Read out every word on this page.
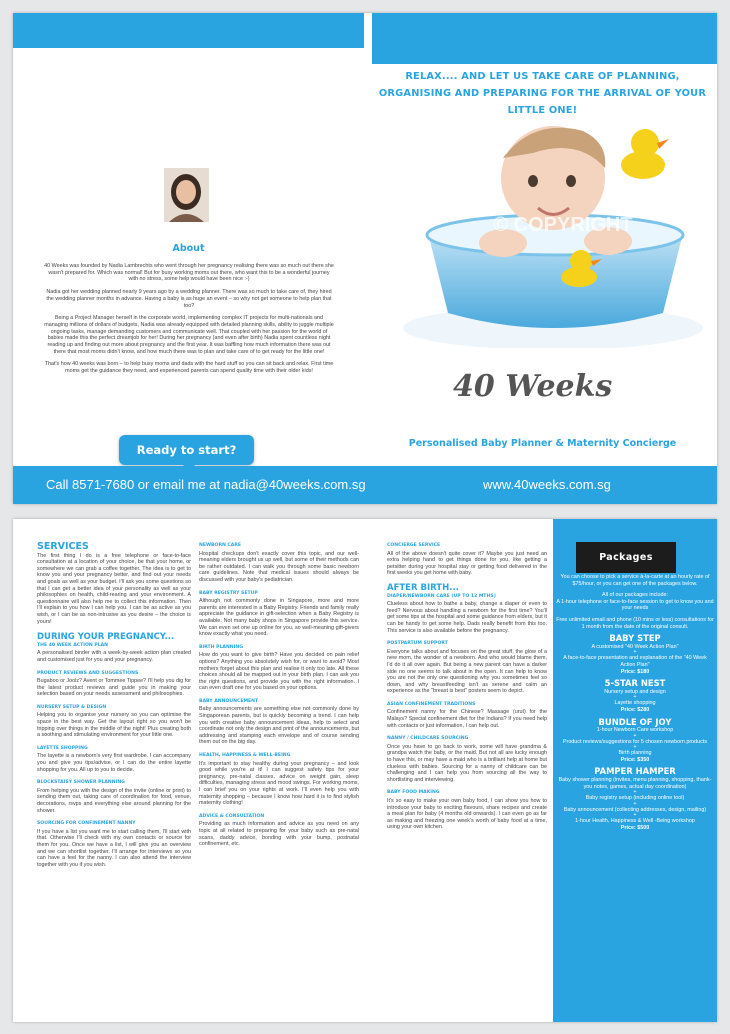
RELAX.... AND LET US TAKE CARE OF PLANNING, ORGANISING AND PREPARING FOR THE ARRIVAL OF YOUR LITTLE ONE!
© COPYRIGHT
40 Weeks
Personalised Baby Planner & Maternity Concierge
About

40 Weeks was founded by Nadia Lambrechts who went through her pregnancy realising there was so much out there she wasn't prepared for. Which was normal! But for busy working moms out there, who want this to be a wonderful journey with no stress, some help would have been nice :-)

Nadia got her wedding planned nearly 9 years ago by a wedding planner. There was so much to take care of, they hired the wedding planner months in advance. Having a baby is as huge an event – so why not get someone to help plan that too?

Being a Project Manager herself in the corporate world, implementing complex IT projects for multi-nationals and managing millions of dollars of budgets, Nadia was already equipped with detailed planning skills, ability to juggle multiple ongoing tasks, manage demanding customers and communicate well. That coupled with her passion for the world of babies made this the perfect dreamjob for her! During her pregnancy (and even after birth) Nadia spent countless night reading up and finding out more about pregnancy and the first year. It was baffling how much information there was out there that most moms didn't know, and how much there was to plan and take care of to get ready for the little one!

That's how 40 weeks was born – to help busy moms and dads with the hard stuff so you can sit back and relax. First time moms get the guidance they need, and experienced parents can spend quality time with their older kids!

Ready to start?
Call 8571-7680 or email me at nadia@40weeks.com.sg	www.40weeks.com.sg
SERVICES
The first thing I do is a free telephone or face-to-face consultation at a location of your choice, be that your home, or somewhere we can grab a coffee together. The idea is to get to know you and your pregnancy better, and find out your needs and goals as well as your budget. I'll ask you some questions so that I can get a better idea of your personality as well as your philosophies on health, child-rearing and your environment. A questionnaire will also help me to collect this information. Then I'll explain to you how I can help you. I can be as active as you wish, or I can be as non-intrusive as you desire – the choice is yours!
DURING YOUR PREGNANCY...
THE 40 WEEK ACTION PLAN
A personalised binder with a week-by-week action plan created and customised just for you and your pregnancy.
PRODUCT REVIEWS AND SUGGESTIONS
Bugaboo or Joolz? Avent or Tommee Tippee? I'll help you dig for the latest product reviews and guide you in making your selection based on your needs assessment and philosophies.
NURSERY SETUP & DESIGN
Helping you to organise your nursery so you can optimise the space in the best way. Get the layout right so you won't be tripping over things in the middle of the night! Plus creating both a soothing and stimulating environment for your little one.
LAYETTE SHOPPING
The layette is a newborn's very first wardrobe. I can accompany you and give you tips/advise, or I can do the entire layette shopping for you. All up to you to decide.
BLOCKSTAISY SHOWER PLANNING
From helping you with the design of the invite (online or print) to sending them out, taking care of coordination for food, venue, decorations, rsvps and everything else around planning for the shower.
SOURCING FOR CONFINEMENT NANNY
If you have a list you want me to start calling them, I'll start with that. Otherwise I'll check with my own contacts or source for them for you. Once we have a list, I will give you an overview and we can shortlist together. I'll arrange for interviews so you can have a feel for the nanny. I can also attend the interview together with you if you wish.
NEWBORN CARE
Hospital checkups don't exactly cover this topic, and our well-meaning elders brought us up well, but some of their methods can be rather outdated. I can walk you through some basic newborn care guidelines. Note that medical issues should always be discussed with your baby's pediatrician.
BABY REGISTRY SETUP
Although not commonly done in Singapore, more and more parents are interested in a Baby Registry. Friends and family really appreciate the guidance in gift-selection when a Baby Registry is available. Not many baby shops in Singapore provide this service. We can even set one up online for you, so well-meaning gift-givers know exactly what you need.
BIRTH PLANNING
How do you want to give birth? Have you decided on pain relief options? Anything you absolutely wish for, or want to avoid? Most mothers forget about this plan and realise it only too late. All these choices should all be mapped out in your birth plan. I can ask you the right questions, and provide you with the right information. I can even draft one for you based on your options.
BABY ANNOUNCEMENT
Baby announcements are something else not commonly done by Singaporean parents, but is quickly becoming a trend. I can help you with creative baby announcement ideas, help to select and coordinate not only the design and print of the announcements, but addressing and stamping each envelope and of course sending them out on the big day.
HEALTH, HAPPINESS & WELL-BEING
It's important to stay healthy during your pregnancy – and look good while you're at it! I can suggest safety tips for your pregnancy, pre-natal classes, advice on weight gain, sleep difficulties, managing stress and mood swings. For working moms, I can brief you on your rights at work. I'll even help you with maternity shopping – because I know how hard it is to find stylish maternity clothing!
ADVICE & CONSULTATION
Providing as much information and advice as you need on any topic at all related to preparing for your baby such as pre-natal scans, daddy advice, bonding with your bump, postnatal confinement, etc.
CONCIERGE SERVICE
All of the above doesn't quite cover it? Maybe you just need an extra helping hand to get things done for you, like getting a petsitter during your hospital stay or getting food delivered in the first weeks you get home with baby.
AFTER BIRTH...
DIAPER/NEWBORN CARE (UP TO 12 MTHS)
Clueless about how to bathe a baby, change a diaper or even to feed? Nervous about handling a newborn for the first time? You'll get some tips at the hospital and some guidance from elders, but it can be handy to get some help. Dads really benefit from this too. This service is also available before the pregnancy.
POSTPARTUM SUPPORT
Everyone talks about and focuses on the great stuff, the glow of a new mom, the wonder of a newborn. And who would blame them, I'd do it all over again. But being a new parent can have a darker side no one seems to talk about in the open. It can help to know you are not the only one questioning why you sometimes feel so down, and why breastfeeding isn't as serene and calm an experience as the "breast is best" posters seem to depict.
ASIAN CONFINEMENT TRADITIONS
Confinement nanny for the Chinese? Massage (urut) for the Malays? Special confinement diet for the Indians? If you need help with contacts or just information, I can help out.
NANNY / CHILDCARE SOURCING
Once you have to go back to work, some will have grandma & grandpa watch the baby, or the maid. But not all are lucky enough to have this, or may have a maid who is a brilliant help at home but clueless with babies. Sourcing for a nanny of childcare can be challenging and I can help you from sourcing all the way to shortlisting and interviewing.
BABY FOOD MAKING
It's so easy to make your own baby food, I can show you how to introduce your baby to exciting flavours, share recipes and create a meal plan for baby (4 months old onwards). I can even go as far as making and freezing one week's worth of baby food at a time, using your own kitchen.
Packages
You can choose to pick a service à-la-carte at an hourly rate of $75/hour, or you can get one of the packages below.
All of our packages include:
A 1-hour telephone or face-to-face session to get to know you and your needs
Free unlimited email and phone (10 mins or less) consultations for 1 month from the date of the original consult.
BABY STEP
A customised "40 Week Action Plan"
+
A face-to-face presentation and explanation of the "40 Week Action Plan"
Price: $180
5-STAR NEST
Nursery setup and design
+
Layette shopping
Price: $280
BUNDLE OF JOY
1-hour Newborn Care workshop
+
Product reviews/suggestions for 5 chosen newborn products
+
Birth planning
Price: $350
PAMPER HAMPER
Baby shower planning (invites, menu planning, shopping, thank-you notes, games, actual day coordination)
+
Baby registry setup (including online tool)
+
Baby announcement (collecting addresses, design, mailing)
+
1-hour Health, Happiness & Well -Being workshop
Price: $500
